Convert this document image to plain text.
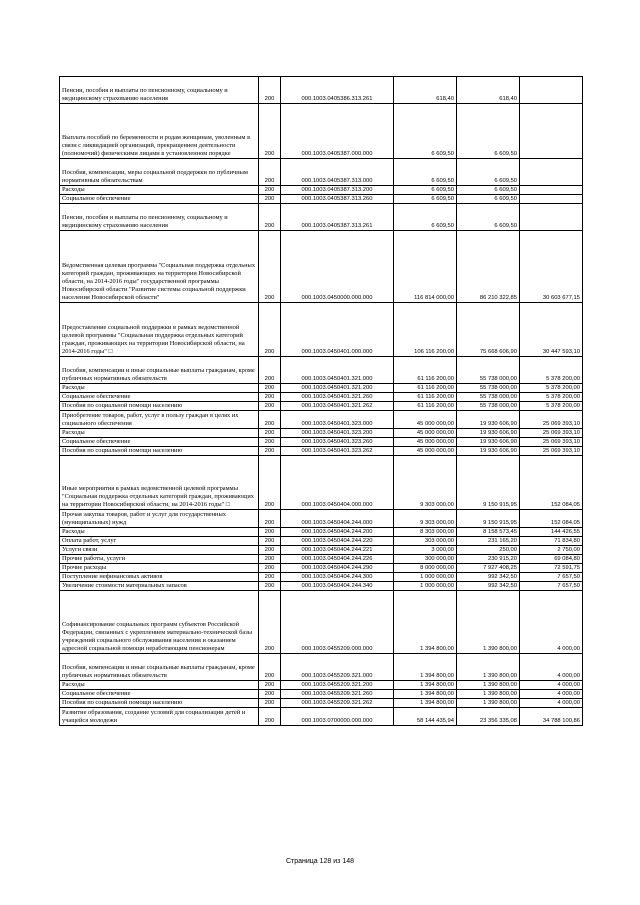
Пенсии, пособия и выплаты по пенсионному, социальному и медицинскому страхованию населения	200	000.1003.0405386.313.261	618,40	618,40	
Выплата пособий по беременности и родам женщинам, уволенным в связи с ликвидацией организаций, прекращением деятельности (полномочий) физическими лицами в установленном порядке	200	000.1003.0405387.000.000	6 609,50	6 609,50	
Пособия, компенсации, меры социальной поддержки по публичным нормативным обязательствам	200	000.1003.0405387.313.000	6 609,50	6 609,50	
Расходы	200	000.1003.0405387.313.200	6 609,50	6 609,50	
Социальное обеспечение	200	000.1003.0405387.313.260	6 609,50	6 609,50	
Пенсии, пособия и выплаты по пенсионному, социальному и медицинскому страхованию населения	200	000.1003.0405387.313.261	6 609,50	6 609,50	
Ведомственная целевая программа "Социальная поддержка отдельных категорий граждан, проживающих на территории Новосибирской области, на 2014-2016 годы" государственной программы Новосибирской области "Развитие системы социальной поддержки населения Новосибирской области"	200	000.1003.0450000.000.000	116 814 000,00	86 210 322,85	30 603 677,15
Предоставление социальной поддержки в рамках ведомственной целевой программы "Социальная поддержка отдельных категорий граждан, проживающих на территории Новосибирской области, на 2014-2016 годы" □	200	000.1003.0450401.000.000	106 116 200,00	75 668 606,90	30 447 593,10
Пособия, компенсации и иные социальные выплаты гражданам, кроме публичных нормативных обязательств	200	000.1003.0450401.321.000	61 116 200,00	55 738 000,00	5 378 200,00
Расходы	200	000.1003.0450401.321.200	61 116 200,00	55 738 000,00	5 378 200,00
Социальное обеспечение	200	000.1003.0450401.321.260	61 116 200,00	55 738 000,00	5 378 200,00
Пособия по социальной помощи населению	200	000.1003.0450401.321.262	61 116 200,00	55 738 000,00	5 378 200,00
Приобретение товаров, работ, услуг в пользу граждан в целях их социального обеспечения	200	000.1003.0450401.323.000	45 000 000,00	19 930 606,90	25 069 393,10
Расходы	200	000.1003.0450401.323.200	45 000 000,00	19 930 606,90	25 069 393,10
Социальное обеспечение	200	000.1003.0450401.323.260	45 000 000,00	19 930 606,90	25 069 393,10
Пособия по социальной помощи населению	200	000.1003.0450401.323.262	45 000 000,00	19 930 606,90	25 069 393,10
Иные мероприятия в рамках ведомственной целевой программы "Социальная поддержка отдельных категорий граждан, проживающих на территории Новосибирской области, на 2014-2016 годы" □	200	000.1003.0450404.000.000	9 303 000,00	9 150 915,95	152 084,05
Прочая закупка товаров, работ и услуг для государственных (муниципальных) нужд	200	000.1003.0450404.244.000	9 303 000,00	9 150 915,95	152 084,05
Расходы	200	000.1003.0450404.244.200	8 303 000,00	8 158 573,45	144 426,55
Оплата работ, услуг	200	000.1003.0450404.244.220	303 000,00	231 165,20	71 834,80
Услуги связи	200	000.1003.0450404.244.221	3 000,00	250,00	2 750,00
Прочие работы, услуги	200	000.1003.0450404.244.226	300 000,00	230 915,20	69 084,80
Прочие расходы	200	000.1003.0450404.244.290	8 000 000,00	7 927 408,25	72 591,75
Поступление нефинансовых активов	200	000.1003.0450404.244.300	1 000 000,00	992 342,50	7 657,50
Увеличение стоимости материальных запасов	200	000.1003.0450404.244.340	1 000 000,00	992 342,50	7 657,50
Софинансирование социальных программ субъектов Российской Федерации, связанных с укреплением материально-технической базы учреждений социального обслуживания населения и оказанием адресной социальной помощи неработающим пенсионерам	200	000.1003.0455209.000.000	1 394 800,00	1 390 800,00	4 000,00
Пособия, компенсации и иные социальные выплаты гражданам, кроме публичных нормативных обязательств	200	000.1003.0455209.321.000	1 394 800,00	1 390 800,00	4 000,00
Расходы	200	000.1003.0455209.321.200	1 394 800,00	1 390 800,00	4 000,00
Социальное обеспечение	200	000.1003.0455209.321.260	1 394 800,00	1 390 800,00	4 000,00
Пособия по социальной помощи населению	200	000.1003.0455209.321.262	1 394 800,00	1 390 800,00	4 000,00
Развитие образования, создание условий для социализации детей и учащейся молодежи	200	000.1003.0700000.000.000	58 144 435,94	23 356 335,08	34 788 100,86
Страница 128 из 148
